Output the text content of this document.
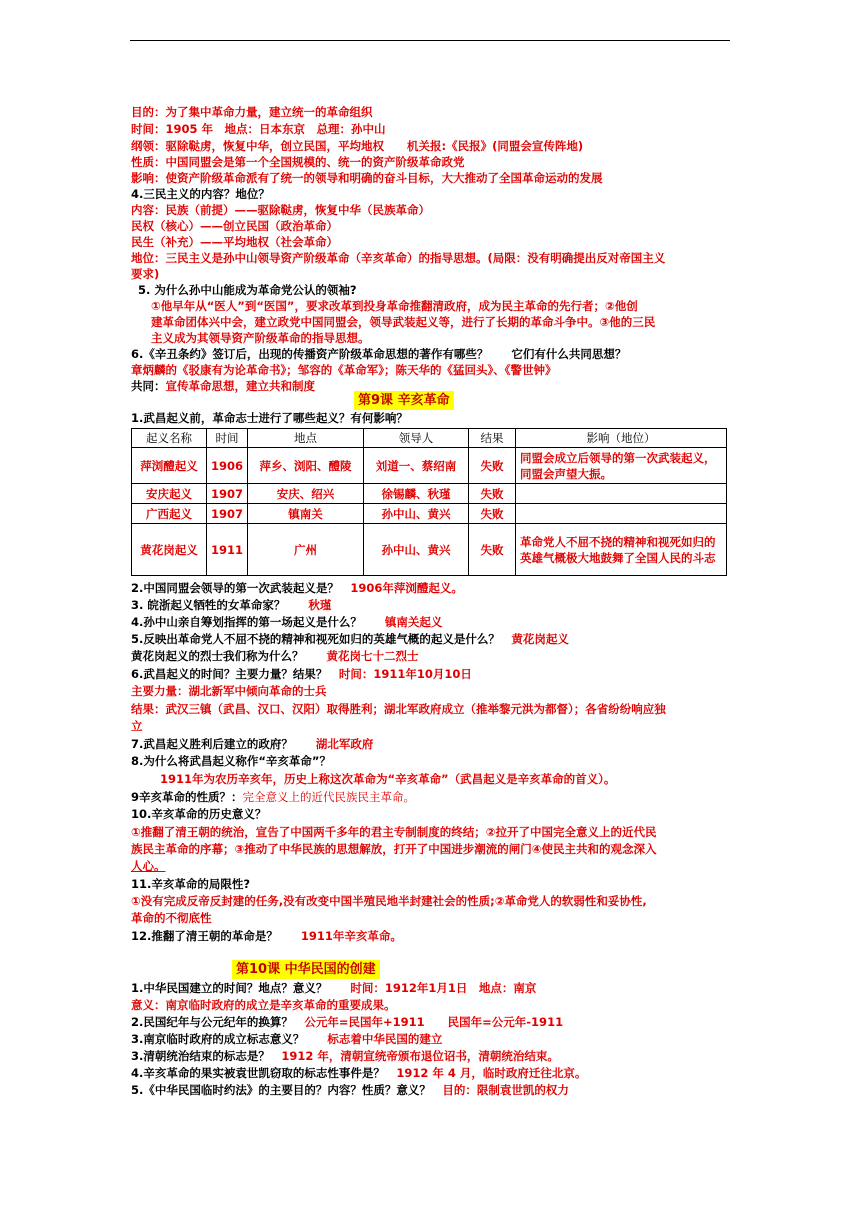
目的：为了集中革命力量，建立统一的革命组织
时间：1905 年　地点：日本东京　总理：孙中山
纲领：驱除鞑虏，恢复中华，创立民国，平均地权　　机关报:《民报》(同盟会宣传阵地)
性质：中国同盟会是第一个全国规模的、统一的资产阶级革命政党
影响：使资产阶级革命派有了统一的领导和明确的奋斗目标，大大推动了全国革命运动的发展
4.三民主义的内容？地位？
内容：民族（前提）——驱除鞑虏，恢复中华（民族革命）
民权（核心）——创立民国（政治革命）
民生（补充）——平均地权（社会革命）
地位：三民主义是孙中山领导资产阶级革命（辛亥革命）的指导思想。(局限：没有明确提出反对帝国主义
要求)
5. 为什么孙中山能成为革命党公认的领袖?
①他早年从“医人”到“医国”，要求改革到投身革命推翻清政府，成为民主革命的先行者；②他创
建革命团体兴中会，建立政党中国同盟会，领导武装起义等，进行了长期的革命斗争中。③他的三民
主义成为其领导资产阶级革命的指导思想。
6.《辛丑条约》签订后，出现的传播资产阶级革命思想的著作有哪些？　　它们有什么共同思想？
章炳麟的《驳康有为论革命书》；邹容的《革命军》；陈天华的《猛回头》、《警世钟》
共同：宣传革命思想，建立共和制度
第9课 辛亥革命
1.武昌起义前，革命志士进行了哪些起义？有何影响？
起义名称	时间	地点	领导人	结果	影响（地位）
萍浏醴起义	1906	萍乡、浏阳、醴陵	刘道一、蔡绍南	失败	同盟会成立后领导的第一次武装起义，同盟会声望大振。
安庆起义	1907	安庆、绍兴	徐锡麟、秋瑾	失败	
广西起义	1907	镇南关	孙中山、黄兴	失败	
黄花岗起义	1911	广州	孙中山、黄兴	失败	革命党人不屈不挠的精神和视死如归的英雄气概极大地鼓舞了全国人民的斗志
2.中国同盟会领导的第一次武装起义是？　 1906年萍浏醴起义。
3. 皖浙起义牺牲的女革命家？　　 秋瑾
4.孙中山亲自筹划指挥的第一场起义是什么？　　 镇南关起义
5.反映出革命党人不屈不挠的精神和视死如归的英雄气概的起义是什么？　 黄花岗起义
黄花岗起义的烈士我们称为什么？　　 黄花岗七十二烈士
6.武昌起义的时间？主要力量？结果？　 时间：1911年10月10日
主要力量：湖北新军中倾向革命的士兵
结果：武汉三镇（武昌、汉口、汉阳）取得胜利；湖北军政府成立（推举黎元洪为都督）；各省纷纷响应独
立
7.武昌起义胜利后建立的政府？　　 湖北军政府
8.为什么将武昌起义称作“辛亥革命”？
1911年为农历辛亥年，历史上称这次革命为“辛亥革命”（武昌起义是辛亥革命的首义）。
9辛亥革命的性质？：完全意义上的近代民族民主革命。
10.辛亥革命的历史意义？
①推翻了清王朝的统治，宣告了中国两千多年的君主专制制度的终结；②拉开了中国完全意义上的近代民
族民主革命的序幕；③推动了中华民族的思想解放，打开了中国进步潮流的闸门④使民主共和的观念深入
人心。
11.辛亥革命的局限性?
①没有完成反帝反封建的任务,没有改变中国半殖民地半封建社会的性质;②革命党人的软弱性和妥协性,
革命的不彻底性
12.推翻了清王朝的革命是？　　 1911年辛亥革命。
第10课 中华民国的创建
1.中华民国建立的时间？地点？意义？　　 时间：1912年1月1日　地点：南京
意义：南京临时政府的成立是辛亥革命的重要成果。
2.民国纪年与公元纪年的换算？　 公元年=民国年+1911　　民国年=公元年-1911
3.南京临时政府的成立标志意义？　　 标志着中华民国的建立
3.清朝统治结束的标志是？　 1912 年，清朝宣统帝颁布退位诏书，清朝统治结束。
4.辛亥革命的果实被袁世凯窃取的标志性事件是？　 1912 年 4 月，临时政府迁往北京。
5.《中华民国临时约法》的主要目的？内容？性质？意义？　 目的：限制袁世凯的权力
